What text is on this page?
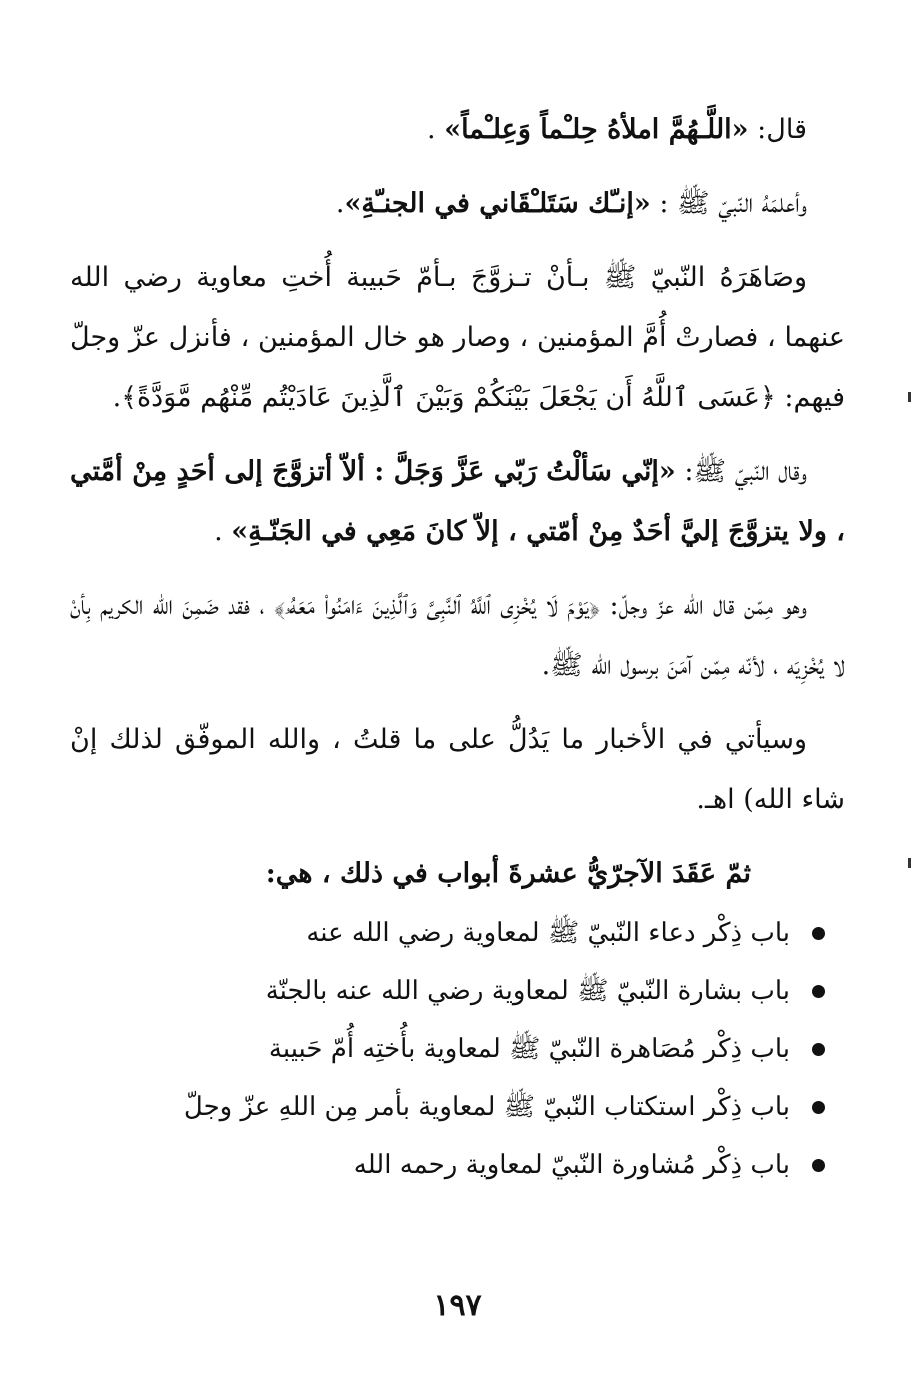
قال: «اللَّـهُمَّ املأهُ حِلـْماً وَعِلـْماً» .

وأعلمَهُ النّبيّ ﷺ : «إنـّك سَتَلـْقَاني في الجنـّةِ».

وصَاهَرَهُ النّبيّ ﷺ بـأنْ تـزوَّجَ بـأمّ حَبيبة أُختِ معاوية رضي الله عنهما ، فصارتْ أُمَّ المؤمنين ، وصار هو خال المؤمنين ، فأنزل عزّ وجلّ فيهم: ﴿عَسَى ٱللَّهُ أَن يَجْعَلَ بَيْنَكُمْ وَبَيْنَ ٱلَّذِينَ عَادَيْتُم مِّنْهُم مَّوَدَّةً﴾.

وقال النّبيّ ﷺ: «إنّي سَألْتُ رَبّي عَزَّ وَجَلَّ : ألاّ أتزوَّجَ إلى أحَدٍ مِنْ أمَّتي ، ولا يتزوَّجَ إليَّ أحَدٌ مِنْ أمّتي ، إلاّ كانَ مَعِي في الجَنّـةِ» .

وهو مِمّن قال الله عزّ وجلّ: ﴿يَوْمَ لَا يُخْزِى ٱللَّهُ ٱلنَّبِىَّ وَٱلَّذِينَ ءَامَنُوا۟ مَعَهُۥ﴾ ، فقد ضَمِنَ الله الكريم بِأنْ لا يُخْزِيَه ، لأنّه مِمّن آمَنَ برسول الله ﷺ.

وسيأتي في الأخبار ما يَدُلُّ على ما قلتُ ، والله الموفّق لذلك إنْ شاء الله) اهـ.

ثمّ عَقَدَ الآجرّيُّ عشرةَ أبواب في ذلك ، هي:
باب ذِكْر دعاء النّبيّ ﷺ لمعاوية رضي الله عنه
باب بشارة النّبيّ ﷺ لمعاوية رضي الله عنه بالجنّة
باب ذِكْر مُصَاهرة النّبيّ ﷺ لمعاوية بأُختِه أُمّ حَبيبة
باب ذِكْر استكتاب النّبيّ ﷺ لمعاوية بأمر مِن اللهِ عزّ وجلّ
باب ذِكْر مُشاورة النّبيّ لمعاوية رحمه الله
١٩٧
